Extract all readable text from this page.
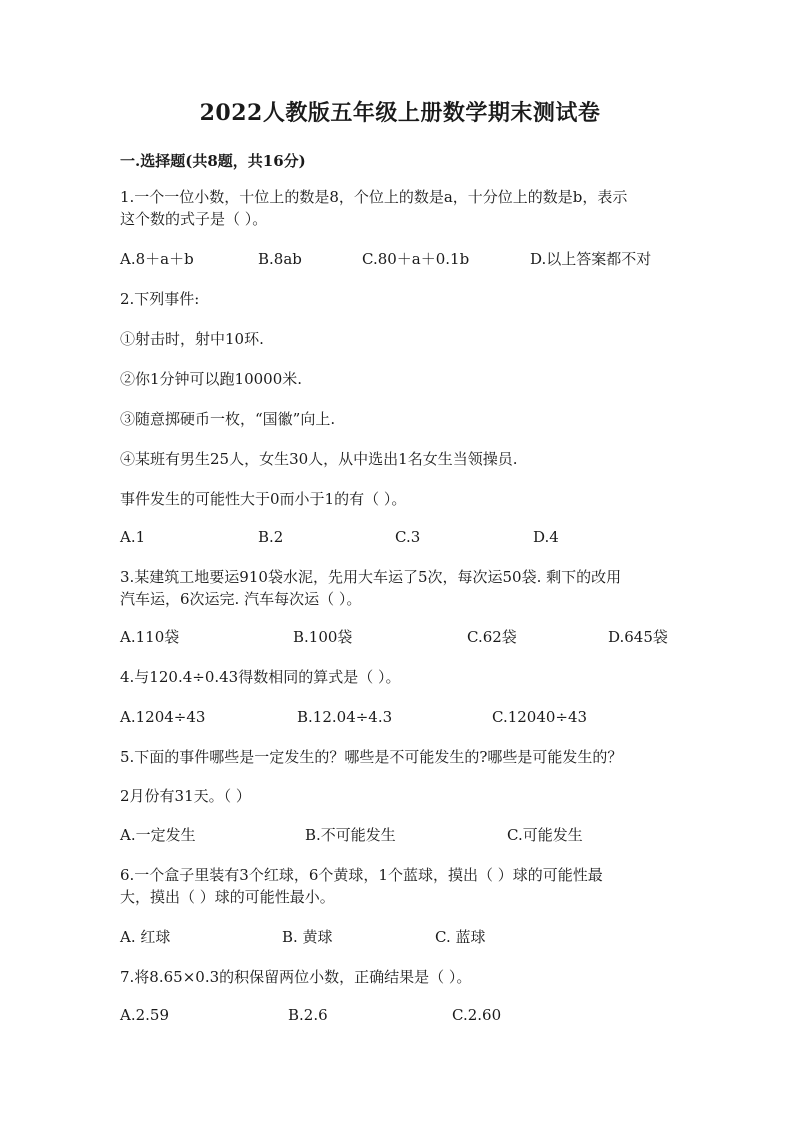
2022人教版五年级上册数学期末测试卷
一.选择题(共8题，共16分)
1.一个一位小数，十位上的数是8，个位上的数是a，十分位上的数是b，表示
这个数的式子是（ ）。
A.8＋a＋b	B.8ab	C.80＋a＋0.1b	D.以上答案都不对
2.下列事件:
①射击时，射中10环.
②你1分钟可以跑10000米.
③随意掷硬币一枚，“国徽”向上.
④某班有男生25人，女生30人，从中选出1名女生当领操员.
事件发生的可能性大于0而小于1的有（ ）。
A.1	B.2	C.3	D.4
3.某建筑工地要运910袋水泥，先用大车运了5次，每次运50袋. 剩下的改用
汽车运，6次运完. 汽车每次运（ ）。
A.110袋	B.100袋	C.62袋	D.645袋
4.与120.4÷0.43得数相同的算式是（ ）。
A.1204÷43	B.12.04÷4.3	C.12040÷43
5.下面的事件哪些是一定发生的？哪些是不可能发生的?哪些是可能发生的？
2月份有31天。（ ）
A.一定发生	B.不可能发生	C.可能发生
6.一个盒子里装有3个红球，6个黄球，1个蓝球，摸出（ ）球的可能性最
大，摸出（ ）球的可能性最小。
A. 红球	B. 黄球	C. 蓝球
7.将8.65×0.3的积保留两位小数，正确结果是（ ）。
A.2.59	B.2.6	C.2.60
